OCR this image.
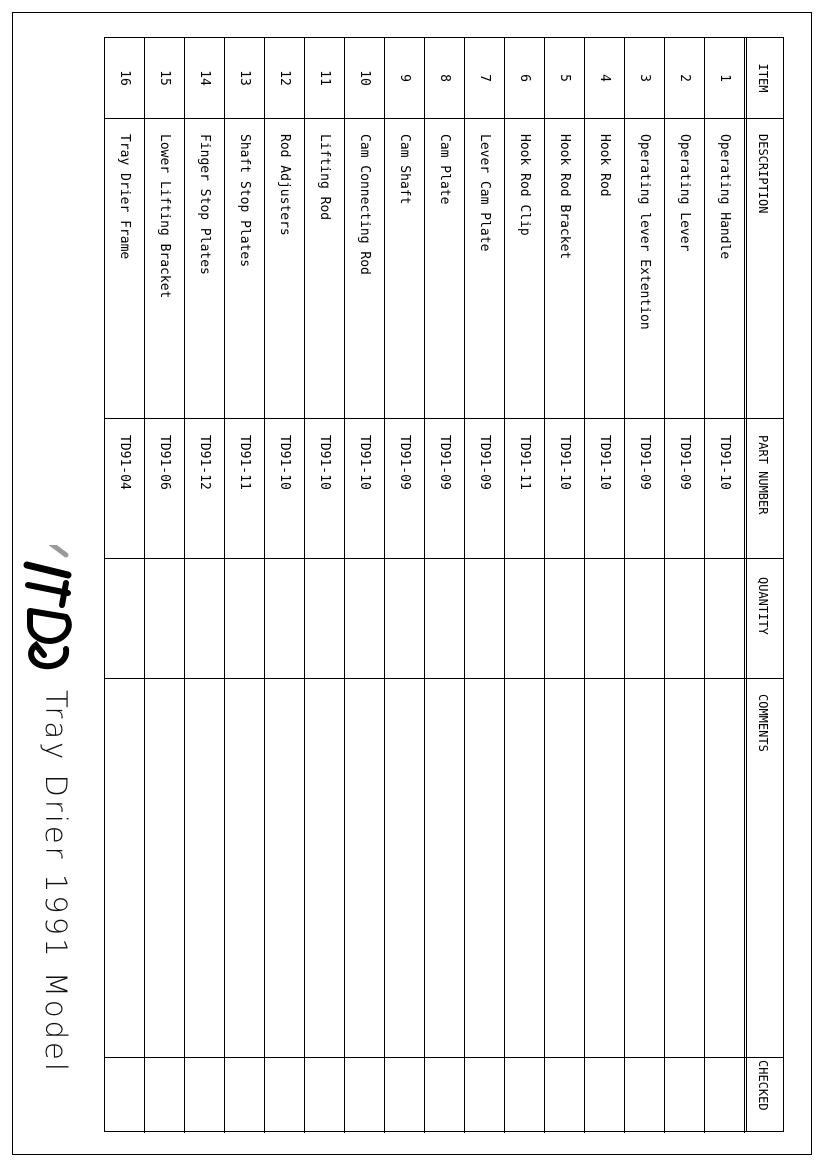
ITEM
DESCRIPTION
PART NUMBER
QUANTITY
COMMENTS
CHECKED
1
Operating Handle
TD91-10
2
Operating Lever
TD91-09
3
Operating lever Extention
TD91-09
4
Hook Rod
TD91-10
5
Hook Rod Bracket
TD91-10
6
Hook Rod Clip
TD91-11
7
Lever Cam Plate
TD91-09
8
Cam Plate
TD91-09
9
Cam Shaft
TD91-09
10
Cam Connecting Rod
TD91-10
11
Lifting Rod
TD91-10
12
Rod Adjusters
TD91-10
13
Shaft Stop Plates
TD91-11
14
Finger Stop Plates
TD91-12
15
Lower Lifting Bracket
TD91-06
16
Tray Drier Frame
TD91-04
Tray Drier 1991 Model
